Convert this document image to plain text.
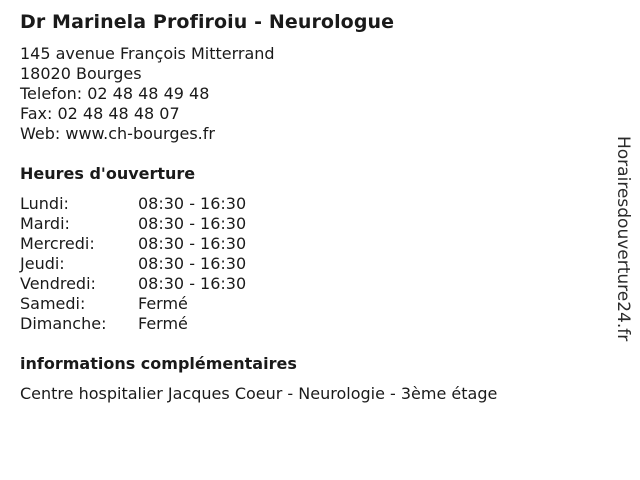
Dr Marinela Profiroiu - Neurologue
145 avenue François Mitterrand
18020 Bourges
Telefon: 02 48 48 49 48
Fax: 02 48 48 48 07
Web: www.ch-bourges.fr
Heures d'ouverture
Lundi:	08:30 - 16:30
Mardi:	08:30 - 16:30
Mercredi:	08:30 - 16:30
Jeudi:	08:30 - 16:30
Vendredi:	08:30 - 16:30
Samedi:	Fermé
Dimanche:	Fermé
informations complémentaires
Centre hospitalier Jacques Coeur - Neurologie - 3ème étage
Horairesdouverture24.fr
